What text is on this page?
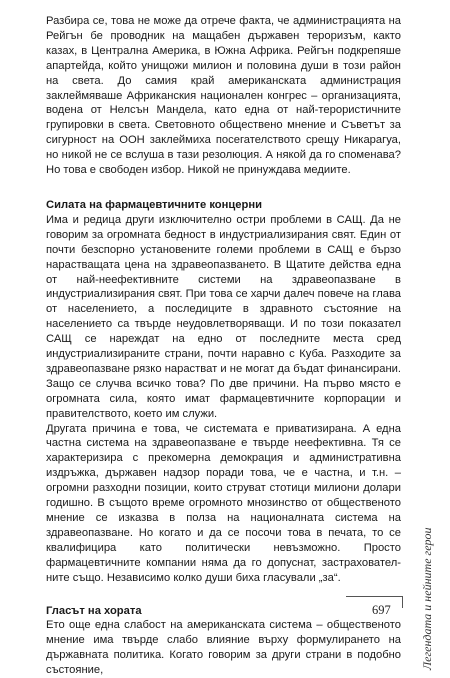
Разбира се, това не може да отрече факта, че администрацията на Рейгън бе проводник на мащабен държавен тероризъм, както казах, в Централна Америка, в Южна Африка. Рейгън подкрепяше апартейда, който унищожи милион и половина души в този район на света. До самия край американската администрация заклеймяваше Африканския национален конгрес – организацията, водена от Нелсън Мандела, като една от най-терористичните групировки в света. Световното обществено мнение и Съветът за сигурност на ООН заклеймиха посегателството срещу Никарагуа, но никой не се вслуша в тази резолюция. А някой да го споменава? Но това е свободен избор. Никой не принуждава медиите.

Силата на фармацевтичните концерни

Има и редица други изключително остри проблеми в САЩ. Да не говорим за огромната бедност в индустриализирания свят. Един от почти безспорно установените големи проблеми в САЩ е бързо нарастващата цена на здравеопазването. В Щатите действа една от най-неефективните системи на здравеопазване в индустриализирания свят. При това се харчи далеч повече на глава от населението, а последиците в здравното състояние на населението са твърде неудовлетворяващи. И по този показател САЩ се нареждат на едно от последните места сред индустриализираните страни, почти наравно с Куба. Разходите за здравеопазване рязко нарастват и не могат да бъдат финансирани. Защо се случва всичко това? По две причини. На първо място е огромната сила, която имат фармацевтичните корпорации и правителството, което им служи.

Другата причина е това, че системата е приватизирана. А една частна система на здравеопазване е твърде неефективна. Тя се характеризира с прекомерна демокрация и административна издръжка, държавен надзор поради това, че е частна, и т.н. – огромни разходни позиции, които струват стотици милиони долари годишно. В същото време огромното мнозинство от общественото мнение се изказва в полза на националната система на здравеопазване. Но когато и да се посочи това в печата, то се квалифицира като политически невъзможно. Просто фармацевтичните компании няма да го допуснат, застрахователните също. Независимо колко души биха гласували „за“.

Гласът на хората

Ето още една слабост на американската система – общественото мнение има твърде слабо влияние върху формулирането на държавната политика. Когато говорим за други страни в подобно състояние,

Легендата и нейните герои
697
